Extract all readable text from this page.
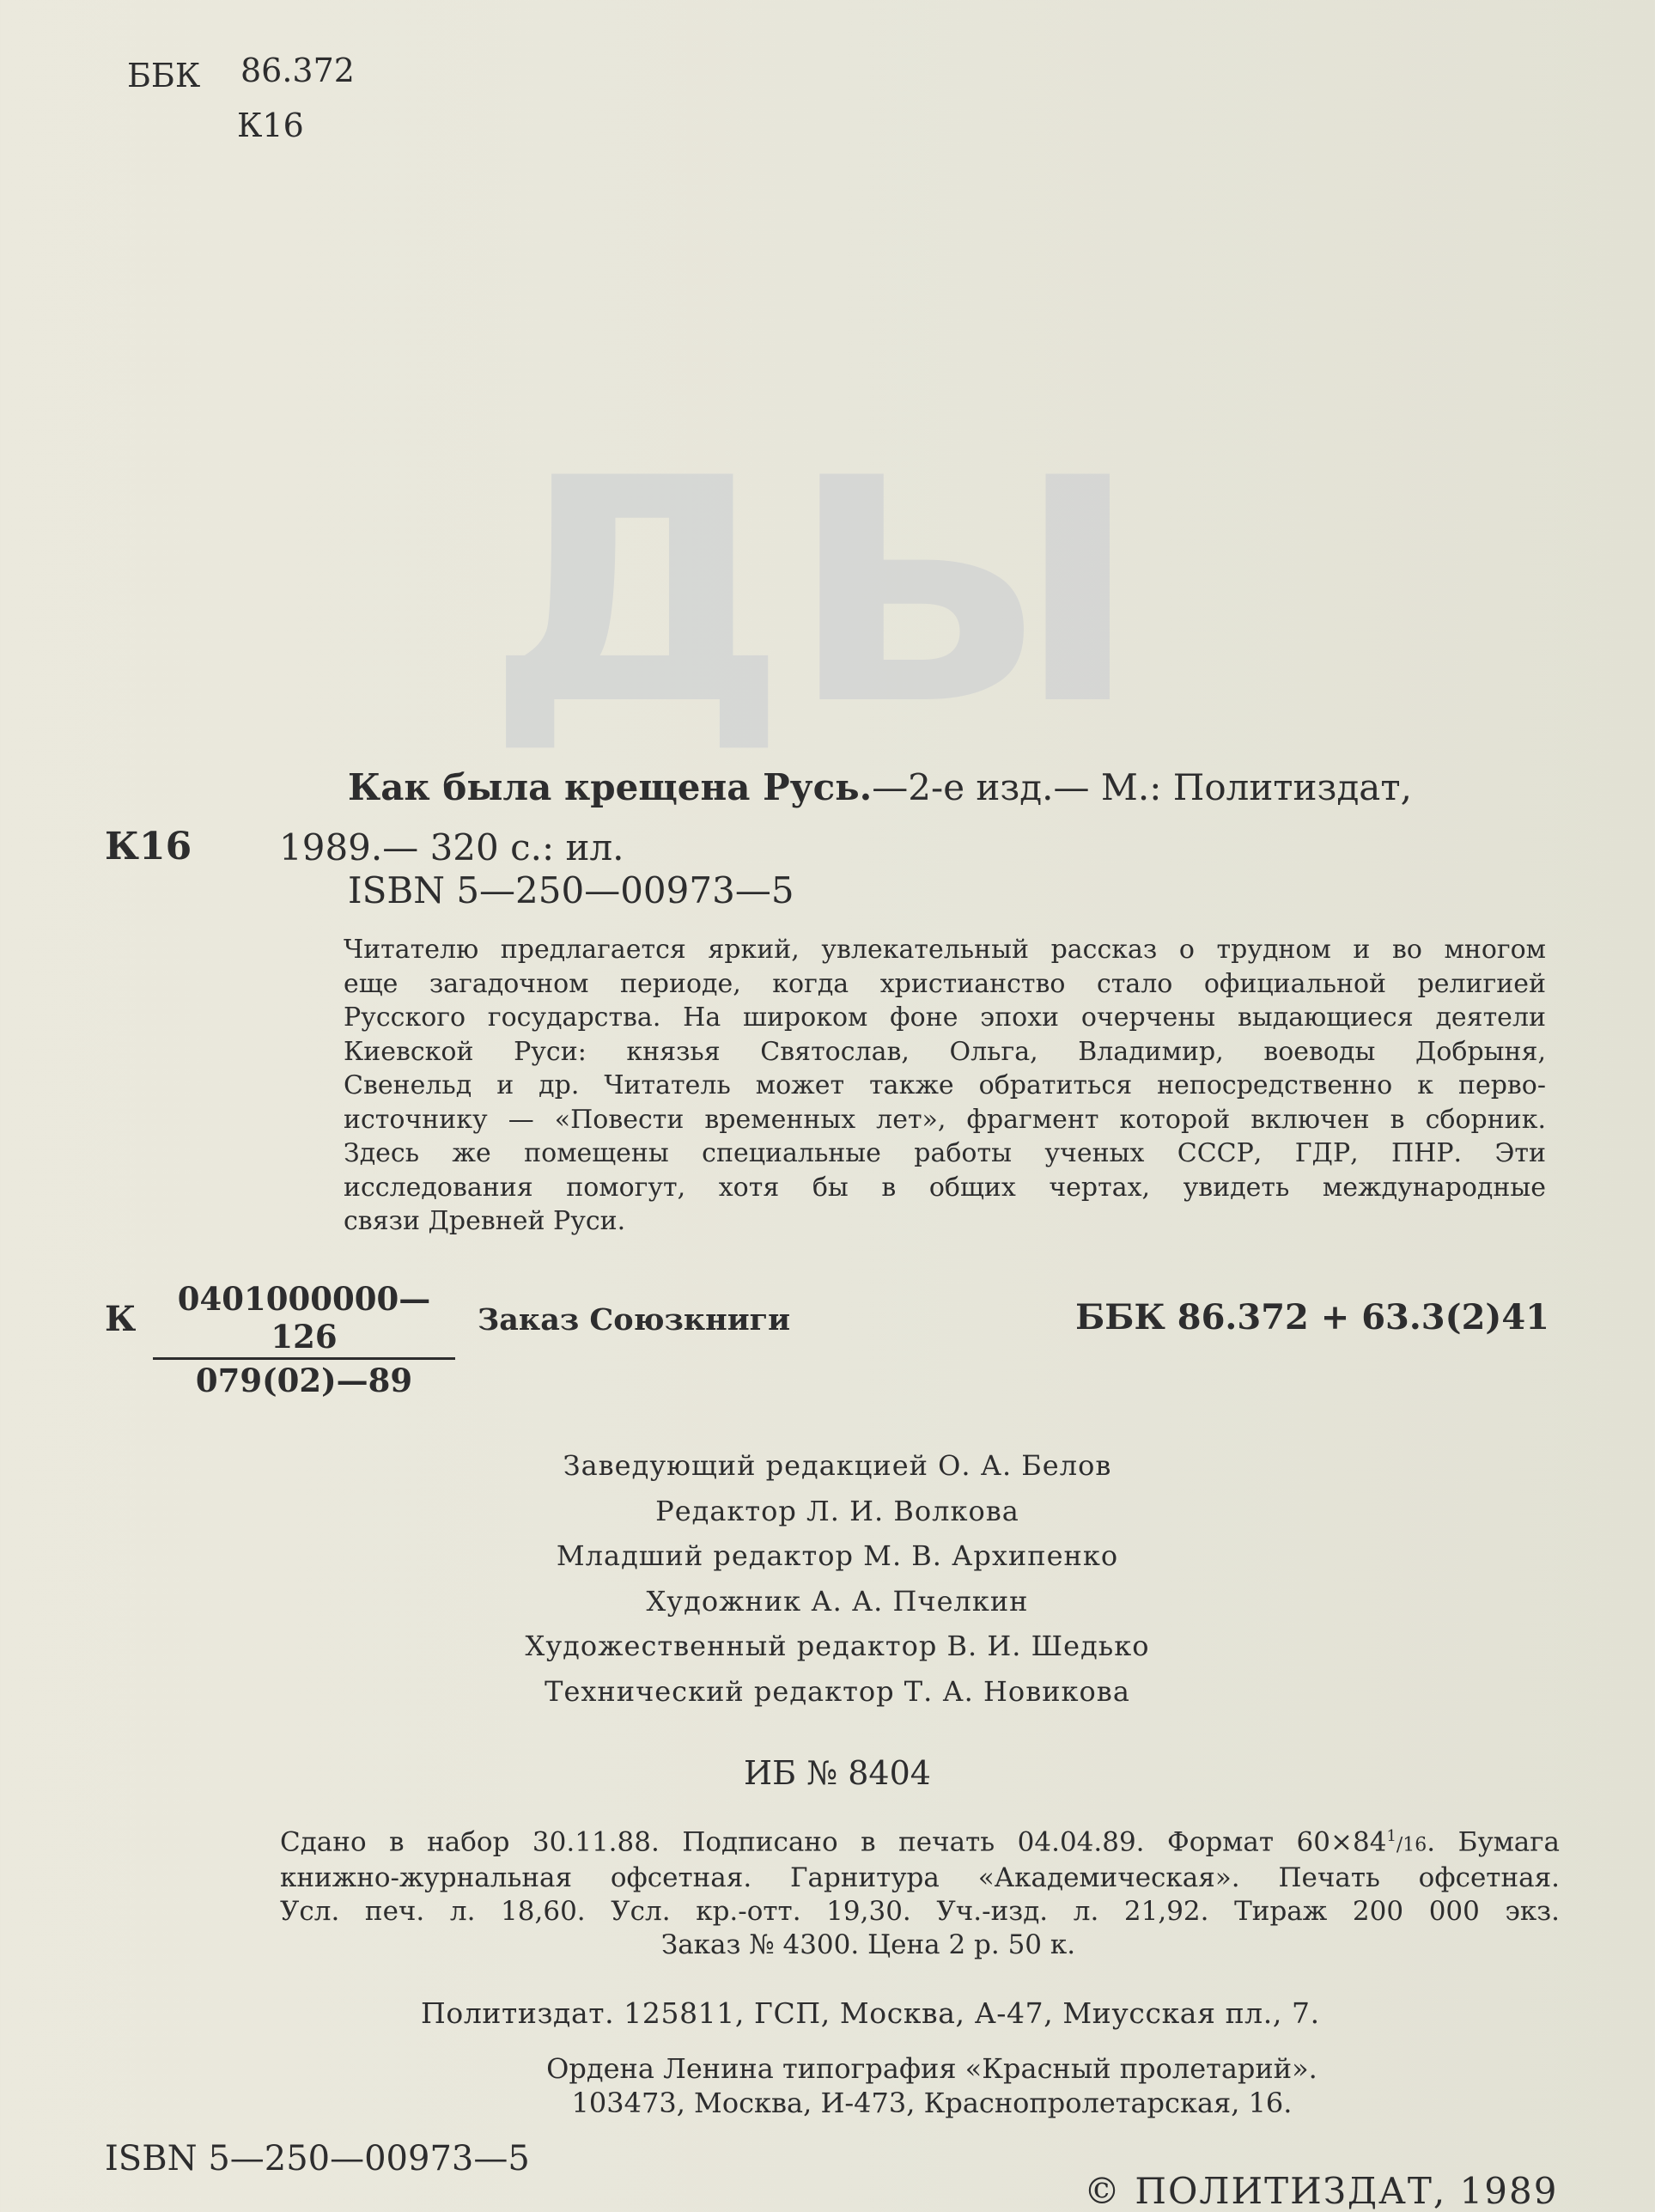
ДЫ
ББК 86.372
К16
К16
Как была крещена Русь.—2-е изд.— М.: Политиздат,
1989.— 320 с.: ил.
ISBN 5—250—00973—5
Читателю предлагается яркий, увлекательный рассказ о трудном и во многом
еще загадочном периоде, когда христианство стало официальной религией
Русского государства. На широком фоне эпохи очерчены выдающиеся деятели
Киевской Руси: князья Святослав, Ольга, Владимир, воеводы Добрыня,
Свенельд и др. Читатель может также обратиться непосредственно к перво-
источнику — «Повести временных лет», фрагмент которой включен в сборник.
Здесь же помещены специальные работы ученых СССР, ГДР, ПНР. Эти
исследования помогут, хотя бы в общих чертах, увидеть международные
связи Древней Руси.
К $\frac{0401000000—126}{079(02)—89}$ Заказ Союзкниги	ББК 86.372 + 63.3(2)41
Заведующий редакцией О. А. Белов
Редактор Л. И. Волкова
Младший редактор М. В. Архипенко
Художник А. А. Пчелкин
Художественный редактор В. И. Шедько
Технический редактор Т. А. Новикова
ИБ № 8404
Сдано в набор 30.11.88. Подписано в печать 04.04.89. Формат $60\times 84^1/16$. Бумага
книжно-журнальная офсетная. Гарнитура «Академическая». Печать офсетная.
Усл. печ. л. 18,60. Усл. кр.-отт. 19,30. Уч.-изд. л. 21,92. Тираж 200 000 экз.
Заказ № 4300. Цена 2 р. 50 к.
Политиздат. 125811, ГСП, Москва, А-47, Миусская пл., 7.
Ордена Ленина типография «Красный пролетарий».
103473, Москва, И-473, Краснопролетарская, 16.
ISBN 5—250—00973—5
© ПОЛИТИЗДАТ, 1989
